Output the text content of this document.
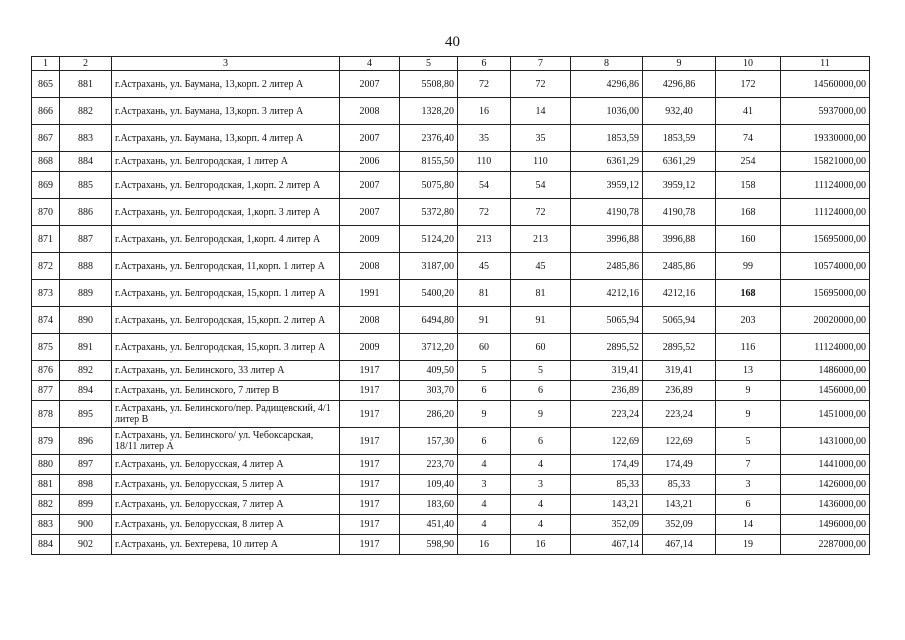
40
1	2	3	4	5	6	7	8	9	10	11
865	881	г.Астрахань, ул. Баумана, 13,корп. 2 литер А	2007	5508,80	72	72	4296,86	4296,86	172	14560000,00
866	882	г.Астрахань, ул. Баумана, 13,корп. 3 литер А	2008	1328,20	16	14	1036,00	932,40	41	5937000,00
867	883	г.Астрахань, ул. Баумана, 13,корп. 4 литер А	2007	2376,40	35	35	1853,59	1853,59	74	19330000,00
868	884	г.Астрахань, ул. Белгородская, 1 литер А	2006	8155,50	110	110	6361,29	6361,29	254	15821000,00
869	885	г.Астрахань, ул. Белгородская, 1,корп. 2 литер А	2007	5075,80	54	54	3959,12	3959,12	158	11124000,00
870	886	г.Астрахань, ул. Белгородская, 1,корп. 3 литер А	2007	5372,80	72	72	4190,78	4190,78	168	11124000,00
871	887	г.Астрахань, ул. Белгородская, 1,корп. 4 литер А	2009	5124,20	213	213	3996,88	3996,88	160	15695000,00
872	888	г.Астрахань, ул. Белгородская, 11,корп. 1 литер А	2008	3187,00	45	45	2485,86	2485,86	99	10574000,00
873	889	г.Астрахань, ул. Белгородская, 15,корп. 1 литер А	1991	5400,20	81	81	4212,16	4212,16	168	15695000,00
874	890	г.Астрахань, ул. Белгородская, 15,корп. 2 литер А	2008	6494,80	91	91	5065,94	5065,94	203	20020000,00
875	891	г.Астрахань, ул. Белгородская, 15,корп. 3 литер А	2009	3712,20	60	60	2895,52	2895,52	116	11124000,00
876	892	г.Астрахань, ул. Белинского, 33 литер А	1917	409,50	5	5	319,41	319,41	13	1486000,00
877	894	г.Астрахань, ул. Белинского, 7 литер В	1917	303,70	6	6	236,89	236,89	9	1456000,00
878	895	г.Астрахань, ул. Белинского/пер. Радищевский, 4/1 литер В	1917	286,20	9	9	223,24	223,24	9	1451000,00
879	896	г.Астрахань, ул. Белинского/ ул. Чебоксарская, 18/11 литер А	1917	157,30	6	6	122,69	122,69	5	1431000,00
880	897	г.Астрахань, ул. Белорусская, 4 литер А	1917	223,70	4	4	174,49	174,49	7	1441000,00
881	898	г.Астрахань, ул. Белорусская, 5 литер А	1917	109,40	3	3	85,33	85,33	3	1426000,00
882	899	г.Астрахань, ул. Белорусская, 7 литер А	1917	183,60	4	4	143,21	143,21	6	1436000,00
883	900	г.Астрахань, ул. Белорусская, 8 литер А	1917	451,40	4	4	352,09	352,09	14	1496000,00
884	902	г.Астрахань, ул. Бехтерева, 10 литер А	1917	598,90	16	16	467,14	467,14	19	2287000,00
